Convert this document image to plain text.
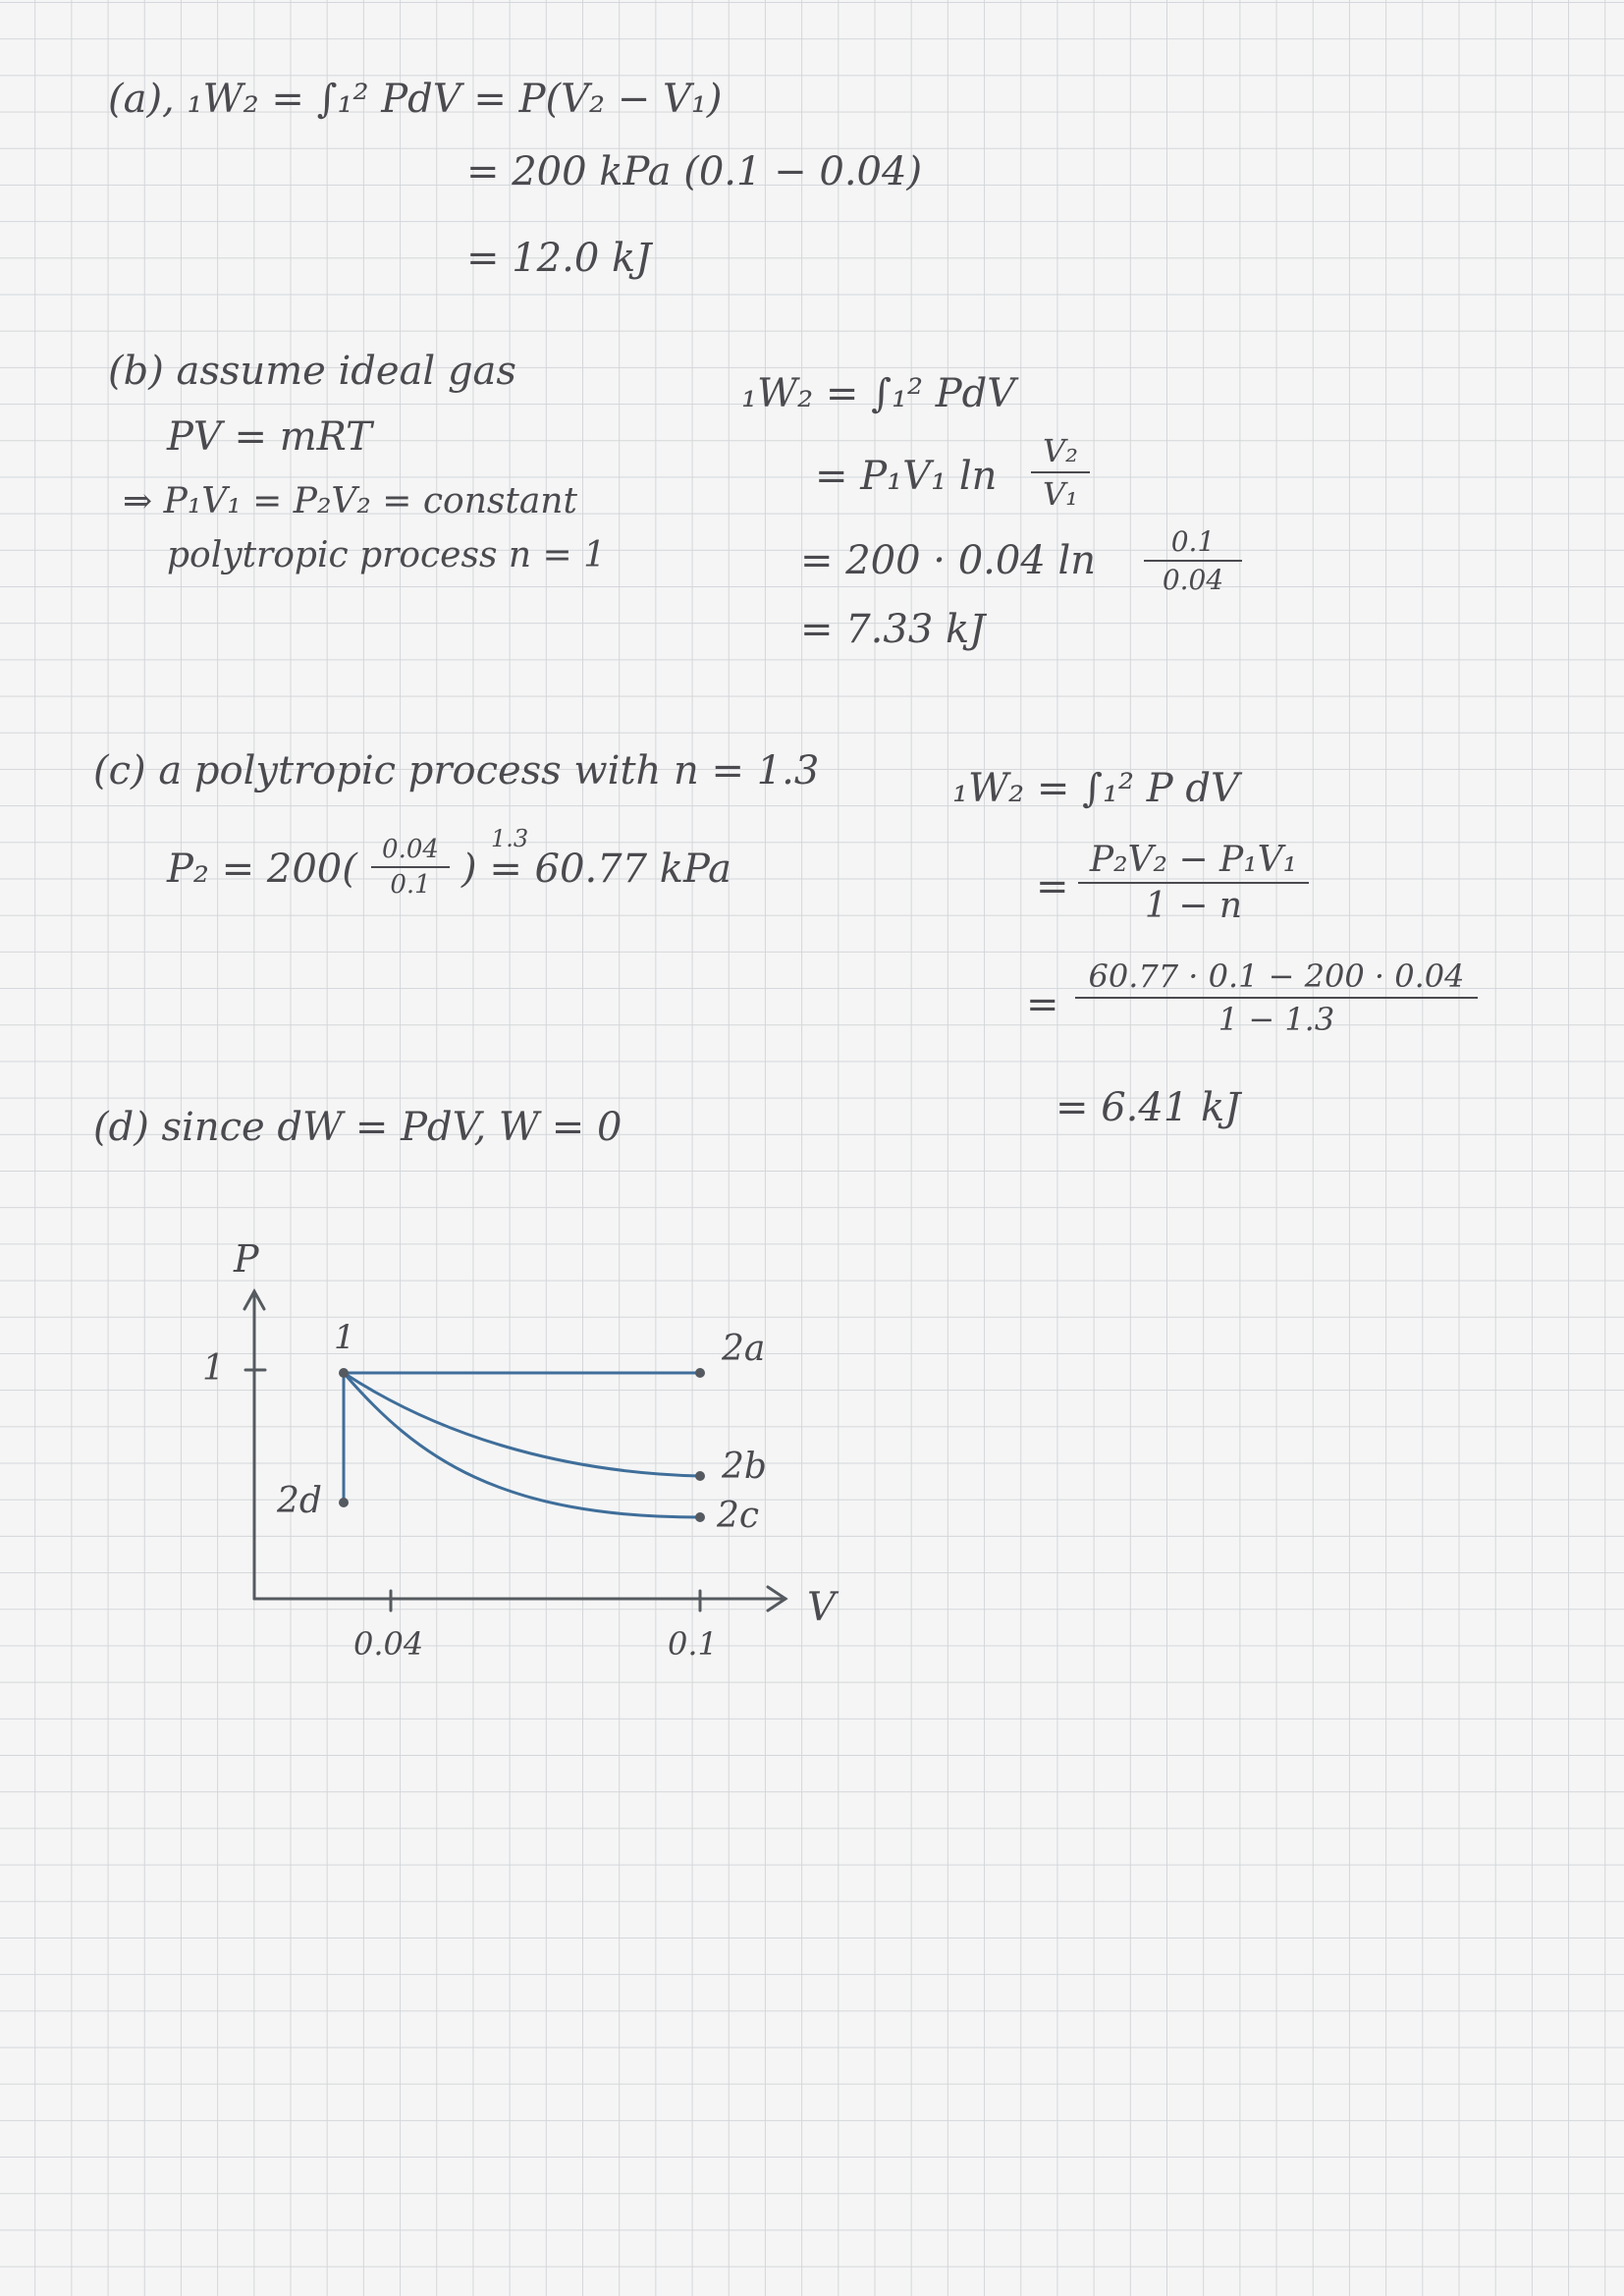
(a), ₁W₂ = ∫₁² PdV = P(V₂ − V₁)
= 200 kPa (0.1 − 0.04)
= 12.0 kJ
(b) assume ideal gas
PV = mRT
⇒ P₁V₁ = P₂V₂ = constant
polytropic process n = 1
₁W₂ = ∫₁² PdV
= P₁V₁ ln
V₂
V₁
= 200 · 0.04 ln	0.1
0.04
= 7.33 kJ
(c) a polytropic process with n = 1.3
P₂ = 200( 0.04
0.1
1.3
) = 60.77 kPa
₁W₂ = ∫₁² P dV
=
P₂V₂ − P₁V₁
1 − n
=
60.77 · 0.1 − 200 · 0.04
1 − 1.3
= 6.41 kJ
(d) since dW = PdV, W = 0
P
V
1
0.04	0.1
1	2a
2b
2c
2d
